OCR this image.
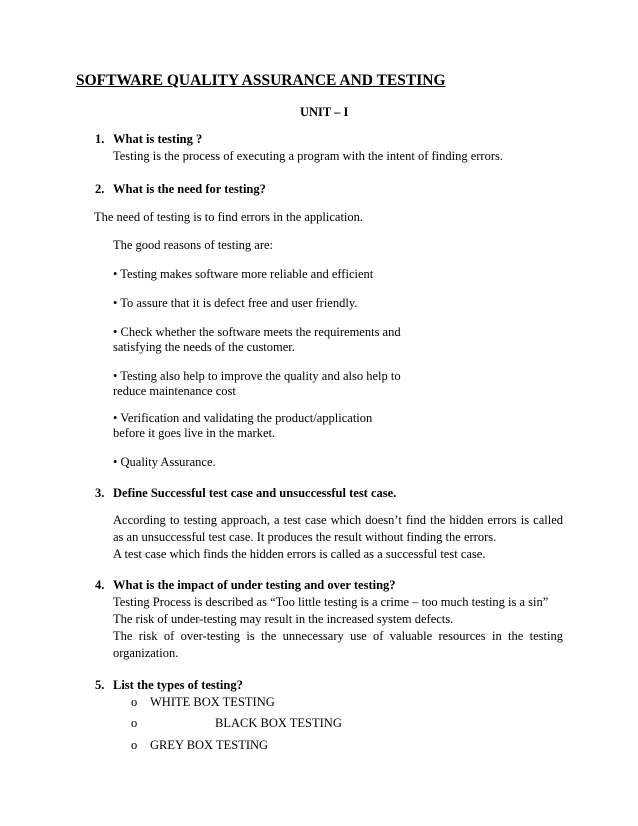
SOFTWARE QUALITY ASSURANCE AND TESTING
UNIT – I
1. What is testing ?
Testing is the process of executing a program with the intent of finding errors.
2. What is the need for testing?
The need of testing is to find errors in the application.
The good reasons of testing are:
• Testing makes software more reliable and efficient
• To assure that it is defect free and user friendly.
• Check whether the software meets the requirements and
satisfying the needs of the customer.
• Testing also help to improve the quality and also help to
reduce maintenance cost
• Verification and validating the product/application
before it goes live in the market.
• Quality Assurance.
3. Define Successful test case and unsuccessful test case.
According to testing approach, a test case which doesn’t find the hidden errors is called
as an unsuccessful test case. It produces the result without finding the errors.
A test case which finds the hidden errors is called as a successful test case.
4. What is the impact of under testing and over testing?
Testing Process is described as “Too little testing is a crime – too much testing is a sin”
The risk of under-testing may result in the increased system defects.
The risk of over-testing is the unnecessary use of valuable resources in the testing
organization.
5. List the types of testing?
o WHITE BOX TESTING
o	BLACK BOX TESTING
o GREY BOX TESTING
